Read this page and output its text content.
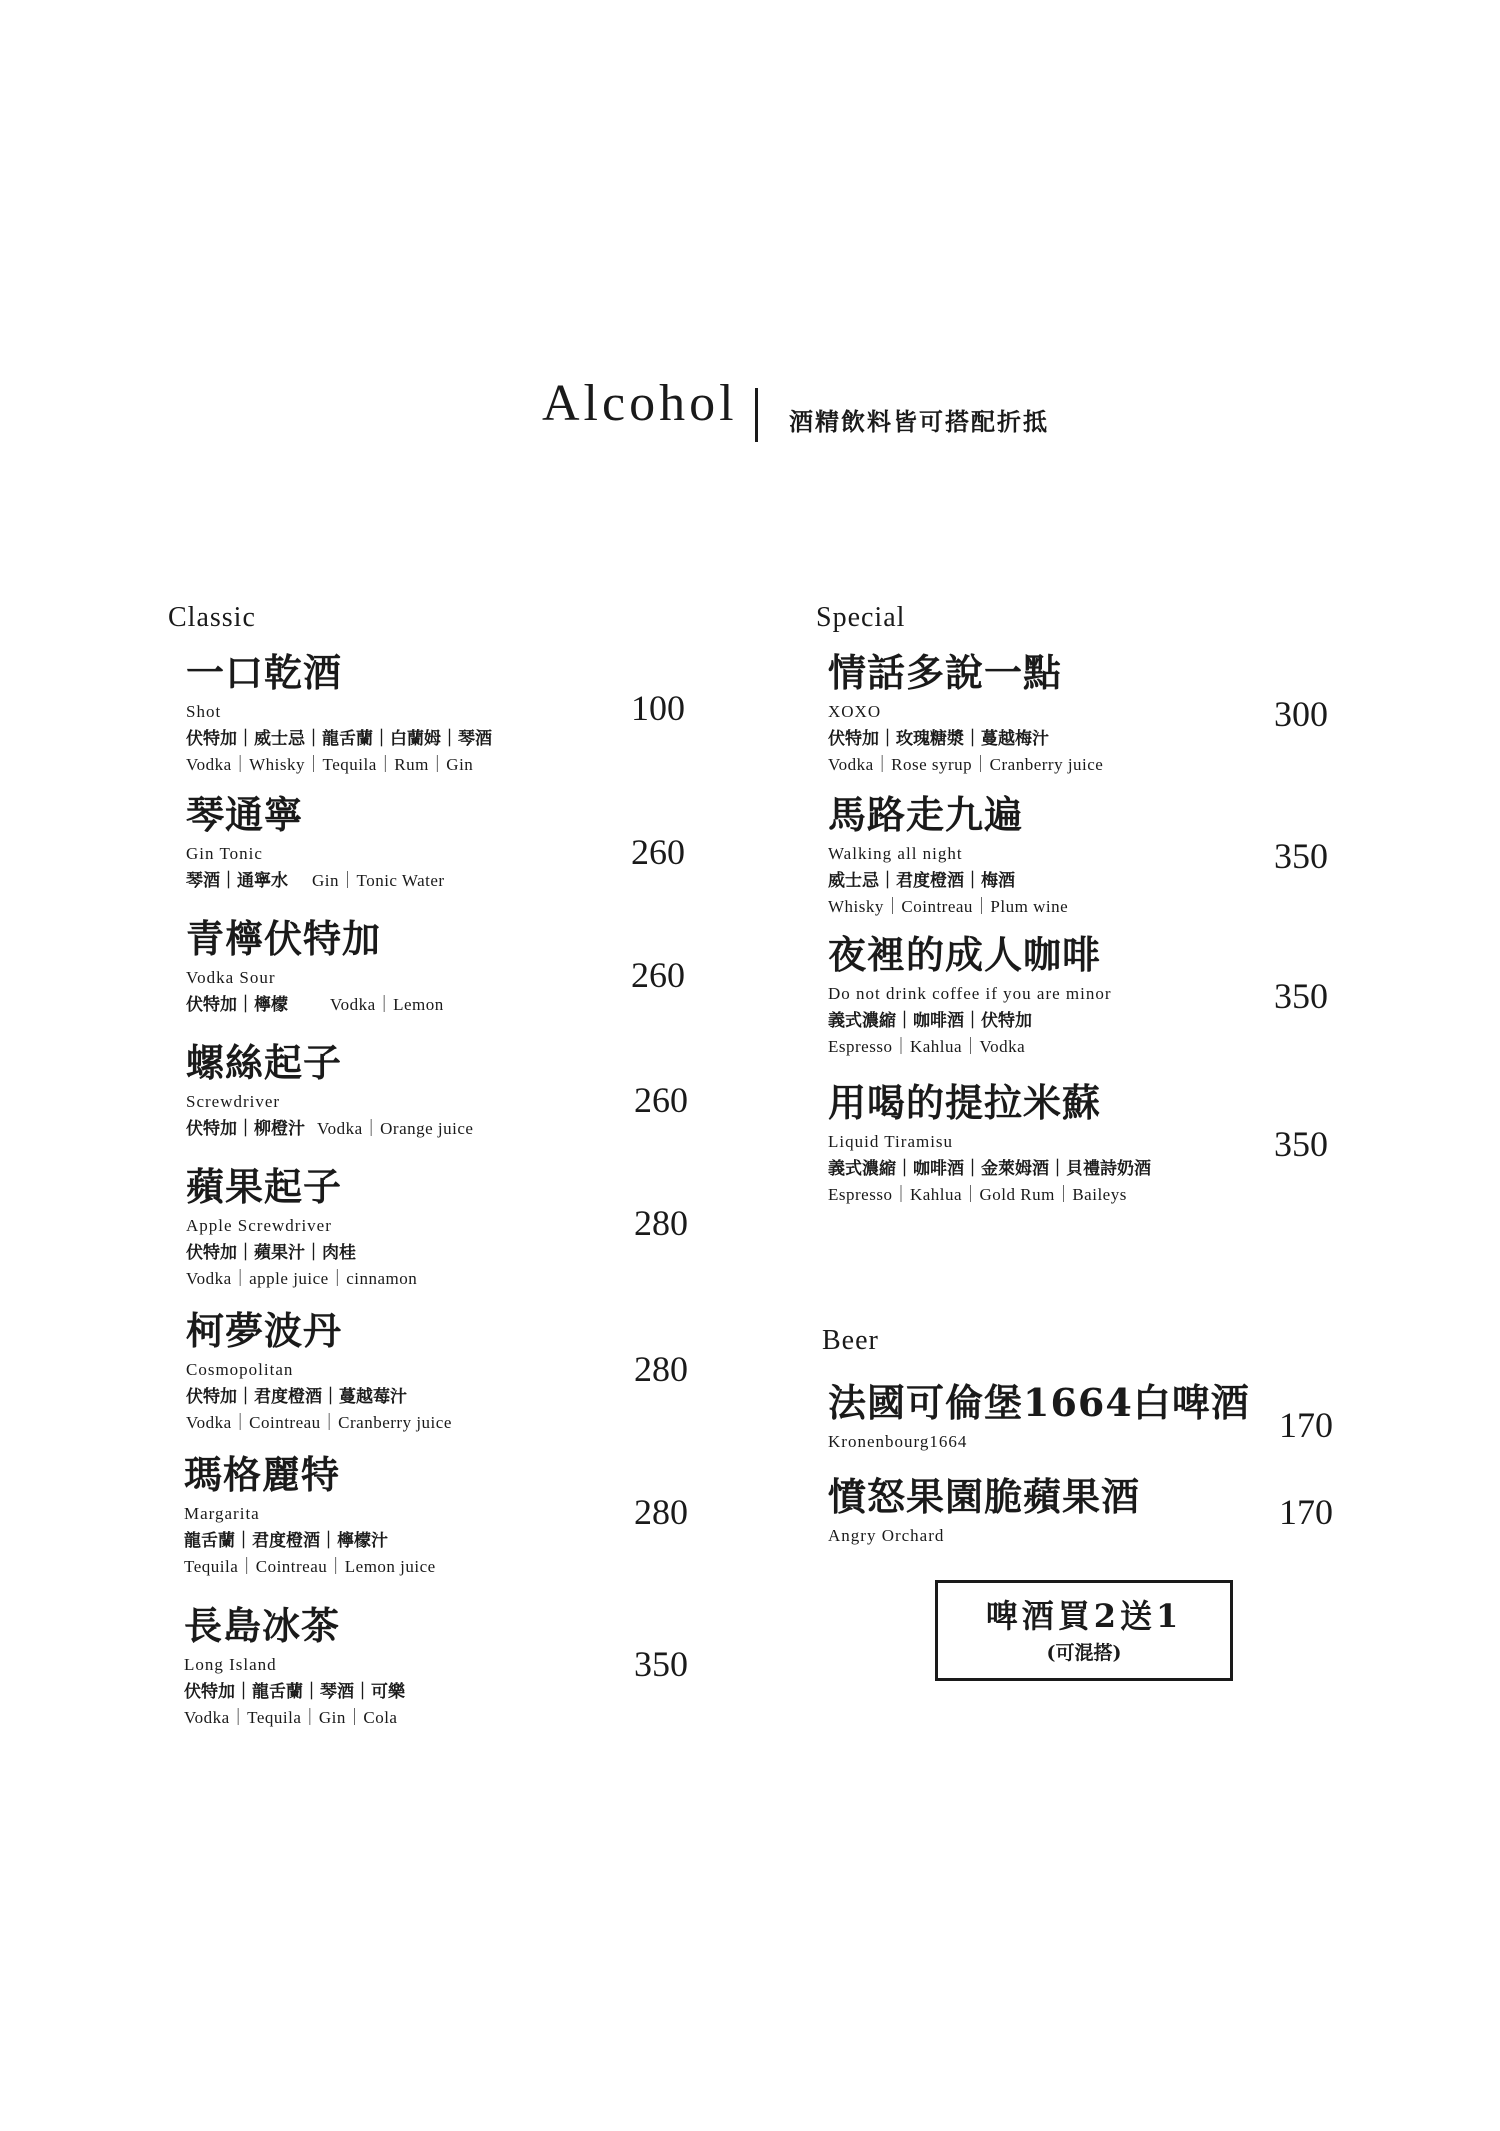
Alcohol 酒精飲料皆可搭配折抵
Classic
一口乾酒
Shot
伏特加｜威士忌｜龍舌蘭｜白蘭姆｜琴酒
Vodka｜Whisky｜Tequila｜Rum｜Gin
100
琴通寧
Gin Tonic
琴酒｜通寧水 Gin｜Tonic Water
260
青檸伏特加
Vodka Sour
伏特加｜檸檬 Vodka｜Lemon
260
螺絲起子
Screwdriver
伏特加｜柳橙汁 Vodka｜Orange juice
260
蘋果起子
Apple Screwdriver
伏特加｜蘋果汁｜肉桂
Vodka｜apple juice｜cinnamon
280
柯夢波丹
Cosmopolitan
伏特加｜君度橙酒｜蔓越莓汁
Vodka｜Cointreau｜Cranberry juice
280
瑪格麗特
Margarita
龍舌蘭｜君度橙酒｜檸檬汁
Tequila｜Cointreau｜Lemon juice
280
長島冰茶
Long Island
伏特加｜龍舌蘭｜琴酒｜可樂
Vodka｜Tequila｜Gin｜Cola
350
Special
情話多說一點
XOXO
伏特加｜玫瑰糖漿｜蔓越梅汁
Vodka｜Rose syrup｜Cranberry juice
300
馬路走九遍
Walking all night
威士忌｜君度橙酒｜梅酒
Whisky｜Cointreau｜Plum wine
350
夜裡的成人咖啡
Do not drink coffee if you are minor
義式濃縮｜咖啡酒｜伏特加
Espresso｜Kahlua｜Vodka
350
用喝的提拉米蘇
Liquid Tiramisu
義式濃縮｜咖啡酒｜金萊姆酒｜貝禮詩奶酒
Espresso｜Kahlua｜Gold Rum｜Baileys
350
Beer
法國可倫堡1664白啤酒
Kronenbourg1664	170
憤怒果園脆蘋果酒
Angry Orchard
170
啤酒買2送1
(可混搭)
